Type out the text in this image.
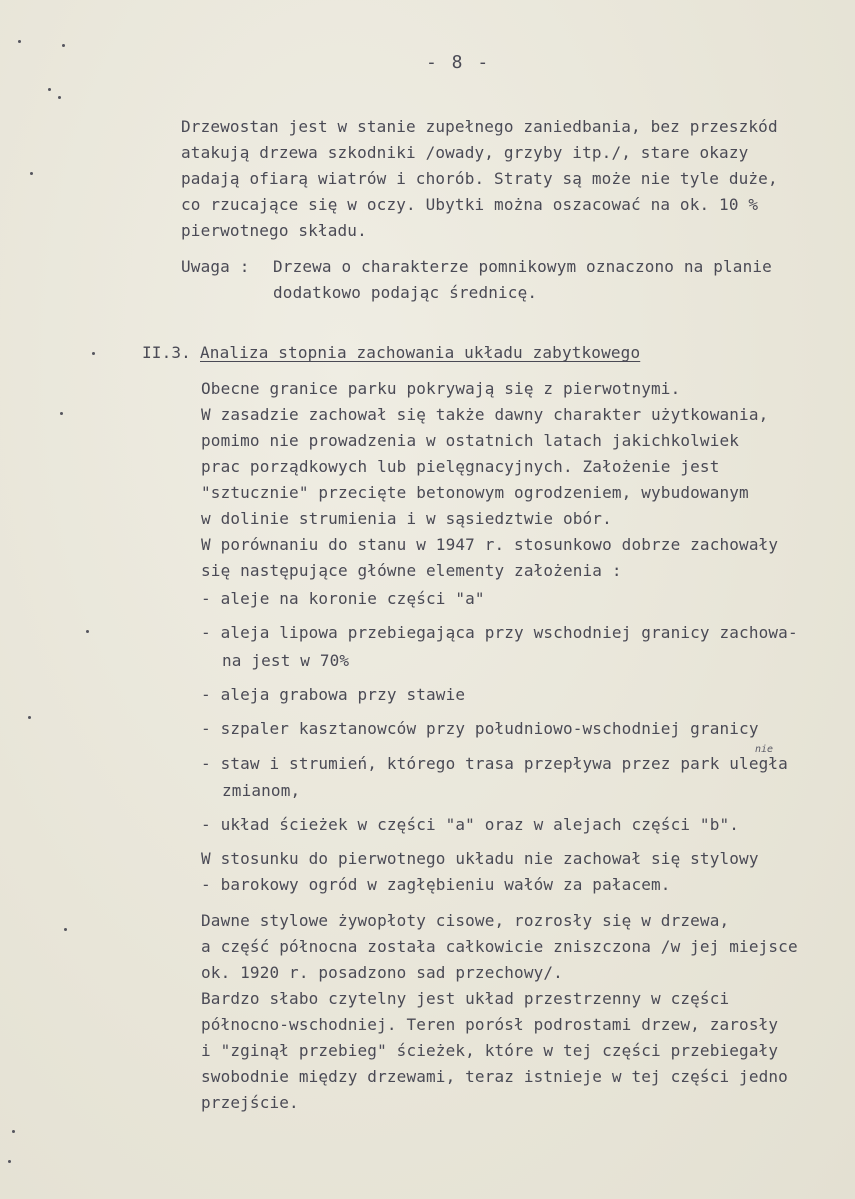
- 8 -

Drzewostan jest w stanie zupełnego zaniedbania, bez przeszkód

atakują drzewa szkodniki /owady, grzyby itp./, stare okazy

padają ofiarą wiatrów i chorób. Straty są może nie tyle duże,

co rzucające się w oczy. Ubytki można oszacować na ok. 10 %

pierwotnego składu.

Uwaga : Drzewa o charakterze pomnikowym oznaczono na planie

dodatkowo podając średnicę.

II.3. Analiza stopnia zachowania układu zabytkowego

Obecne granice parku pokrywają się z pierwotnymi.

W zasadzie zachował się także dawny charakter użytkowania,

pomimo nie prowadzenia w ostatnich latach jakichkolwiek

prac porządkowych lub pielęgnacyjnych. Założenie jest

"sztucznie" przecięte betonowym ogrodzeniem, wybudowanym

w dolinie strumienia i w sąsiedztwie obór.

W porównaniu do stanu w 1947 r. stosunkowo dobrze zachowały

się następujące główne elementy założenia :

- aleje na koronie części "a"

- aleja lipowa przebiegająca przy wschodniej granicy zachowa-

na jest w 70%

- aleja grabowa przy stawie

- szpaler kasztanowców przy południowo-wschodniej granicy

nie

- staw i strumień, którego trasa przepływa przez park uległa

zmianom,

- układ ścieżek w części "a" oraz w alejach części "b".

W stosunku do pierwotnego układu nie zachował się stylowy

- barokowy ogród w zagłębieniu wałów za pałacem.

Dawne stylowe żywopłoty cisowe, rozrosły się w drzewa,

a część północna została całkowicie zniszczona /w jej miejsce

ok. 1920 r. posadzono sad przechowy/.

Bardzo słabo czytelny jest układ przestrzenny w części

północno-wschodniej. Teren porósł podrostami drzew, zarosły

i "zginął przebieg" ścieżek, które w tej części przebiegały

swobodnie między drzewami, teraz istnieje w tej części jedno

przejście.
